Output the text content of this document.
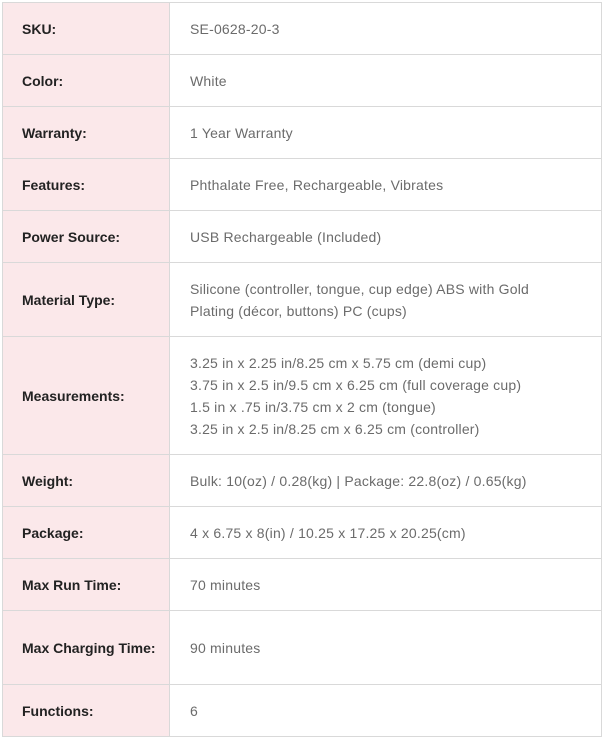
SKU:	SE-0628-20-3

Color:	White

Warranty:	1 Year Warranty

Features:	Phthalate Free, Rechargeable, Vibrates

Power Source:	USB Rechargeable (Included)

Material Type:	Silicone (controller, tongue, cup edge) ABS with Gold
Plating (décor, buttons) PC (cups)

Measurements:	3.25 in x 2.25 in/8.25 cm x 5.75 cm (demi cup)
3.75 in x 2.5 in/9.5 cm x 6.25 cm (full coverage cup)
1.5 in x .75 in/3.75 cm x 2 cm (tongue)
3.25 in x 2.5 in/8.25 cm x 6.25 cm (controller)

Weight:	Bulk: 10(oz) / 0.28(kg) | Package: 22.8(oz) / 0.65(kg)

Package:	4 x 6.75 x 8(in) / 10.25 x 17.25 x 20.25(cm)

Max Run Time:	70 minutes

Max Charging Time:	90 minutes

Functions:	6
